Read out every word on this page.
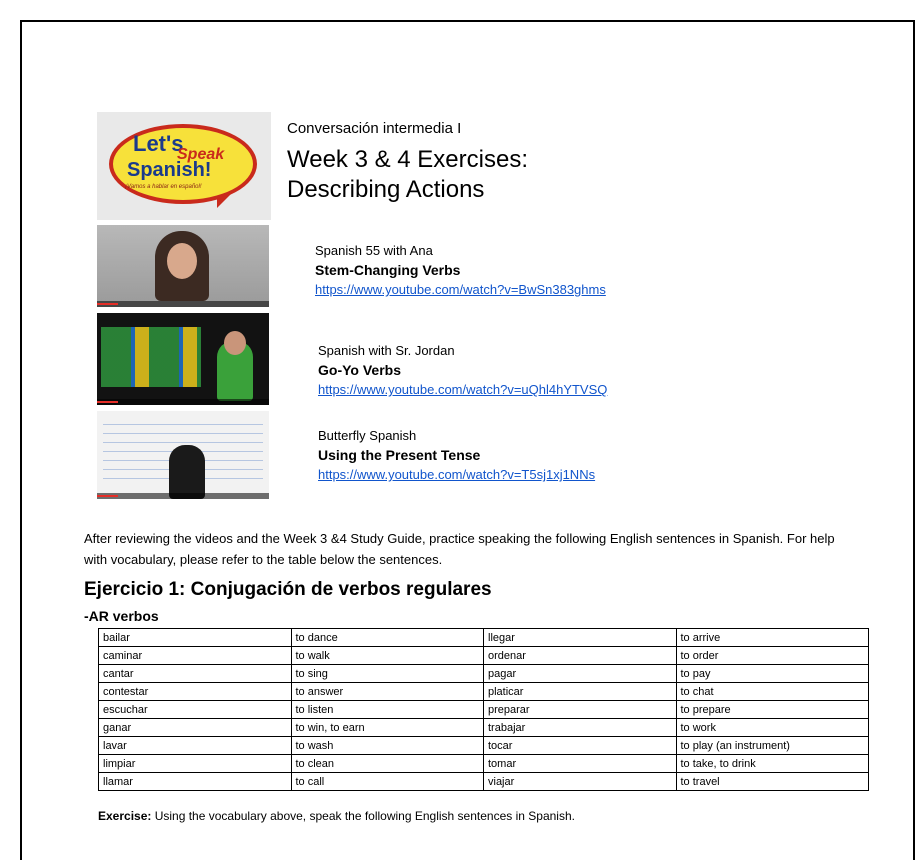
Let's
Speak
Spanish!
¡Vamos a hablar en español!
Conversación intermedia I
Week 3 & 4 Exercises:
Describing Actions
Spanish 55 with Ana
Stem-Changing Verbs
https://www.youtube.com/watch?v=BwSn383ghms
Spanish with Sr. Jordan
Go-Yo Verbs
https://www.youtube.com/watch?v=uQhl4hYTVSQ
Butterfly Spanish
Using the Present Tense
https://www.youtube.com/watch?v=T5sj1xj1NNs
After reviewing the videos and the Week 3 &4 Study Guide, practice speaking the following English sentences in Spanish. For help with vocabulary, please refer to the table below the sentences.
Ejercicio 1: Conjugación de verbos regulares
-AR verbos
bailar	to dance	llegar	to arrive
caminar	to walk	ordenar	to order
cantar	to sing	pagar	to pay
contestar	to answer	platicar	to chat
escuchar	to listen	preparar	to prepare
ganar	to win, to earn	trabajar	to work
lavar	to wash	tocar	to play (an instrument)
limpiar	to clean	tomar	to take, to drink
llamar	to call	viajar	to travel
Exercise: Using the vocabulary above, speak the following English sentences in Spanish.
